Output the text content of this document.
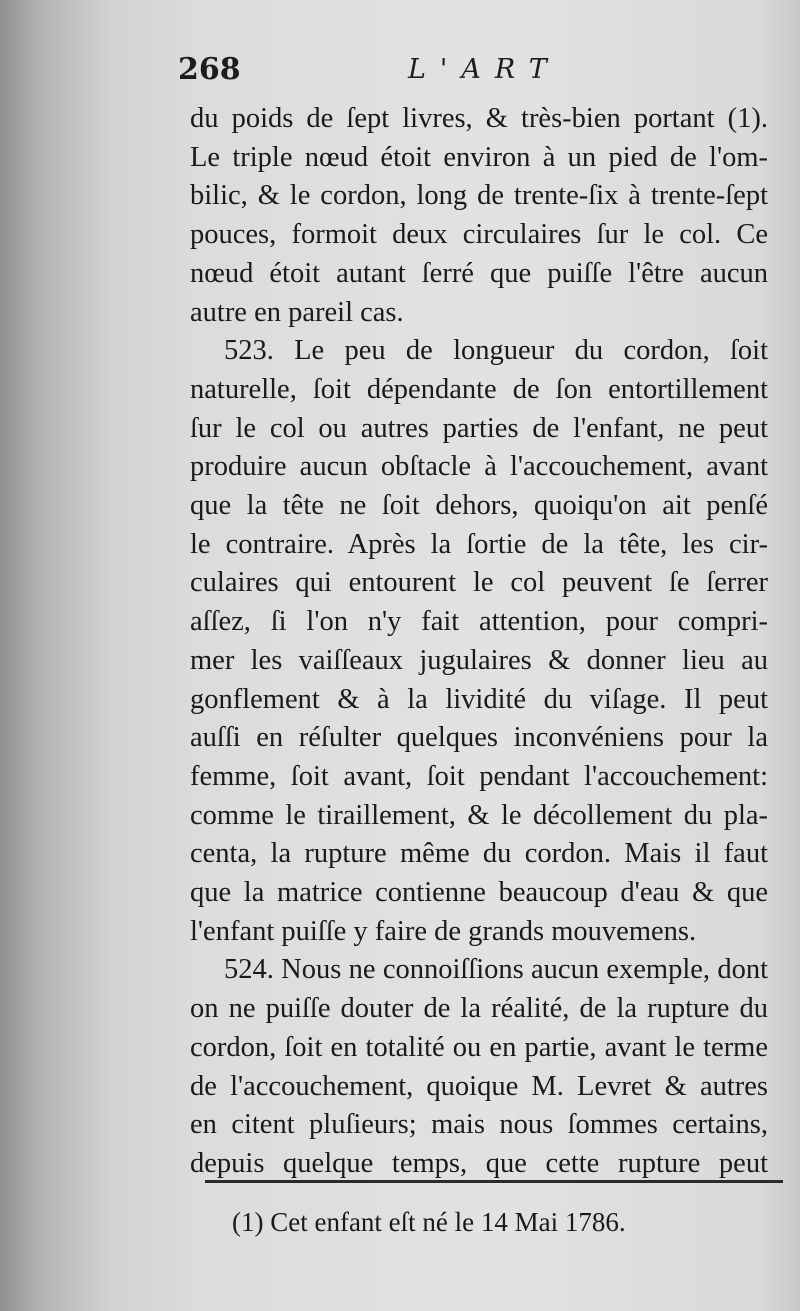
268	L'ART
du poids de ſept livres, & très-bien portant (1).
Le triple nœud étoit environ à un pied de l'om-
bilic, & le cordon, long de trente-ſix à trente-ſept
pouces, formoit deux circulaires ſur le col. Ce
nœud étoit autant ſerré que puiſſe l'être aucun
autre en pareil cas.
523. Le peu de longueur du cordon, ſoit
naturelle, ſoit dépendante de ſon entortillement
ſur le col ou autres parties de l'enfant, ne peut
produire aucun obſtacle à l'accouchement, avant
que la tête ne ſoit dehors, quoiqu'on ait penſé
le contraire. Après la ſortie de la tête, les cir-
culaires qui entourent le col peuvent ſe ſerrer
aſſez, ſi l'on n'y fait attention, pour compri-
mer les vaiſſeaux jugulaires & donner lieu au
gonflement & à la lividité du viſage. Il peut
auſſi en réſulter quelques inconvéniens pour la
femme, ſoit avant, ſoit pendant l'accouchement:
comme le tiraillement, & le décollement du pla-
centa, la rupture même du cordon. Mais il faut
que la matrice contienne beaucoup d'eau & que
l'enfant puiſſe y faire de grands mouvemens.
524. Nous ne connoiſſions aucun exemple, dont
on ne puiſſe douter de la réalité, de la rupture du
cordon, ſoit en totalité ou en partie, avant le terme
de l'accouchement, quoique M. Levret & autres
en citent pluſieurs; mais nous ſommes certains,
depuis quelque temps, que cette rupture peut
(1) Cet enfant eſt né le 14 Mai 1786.
